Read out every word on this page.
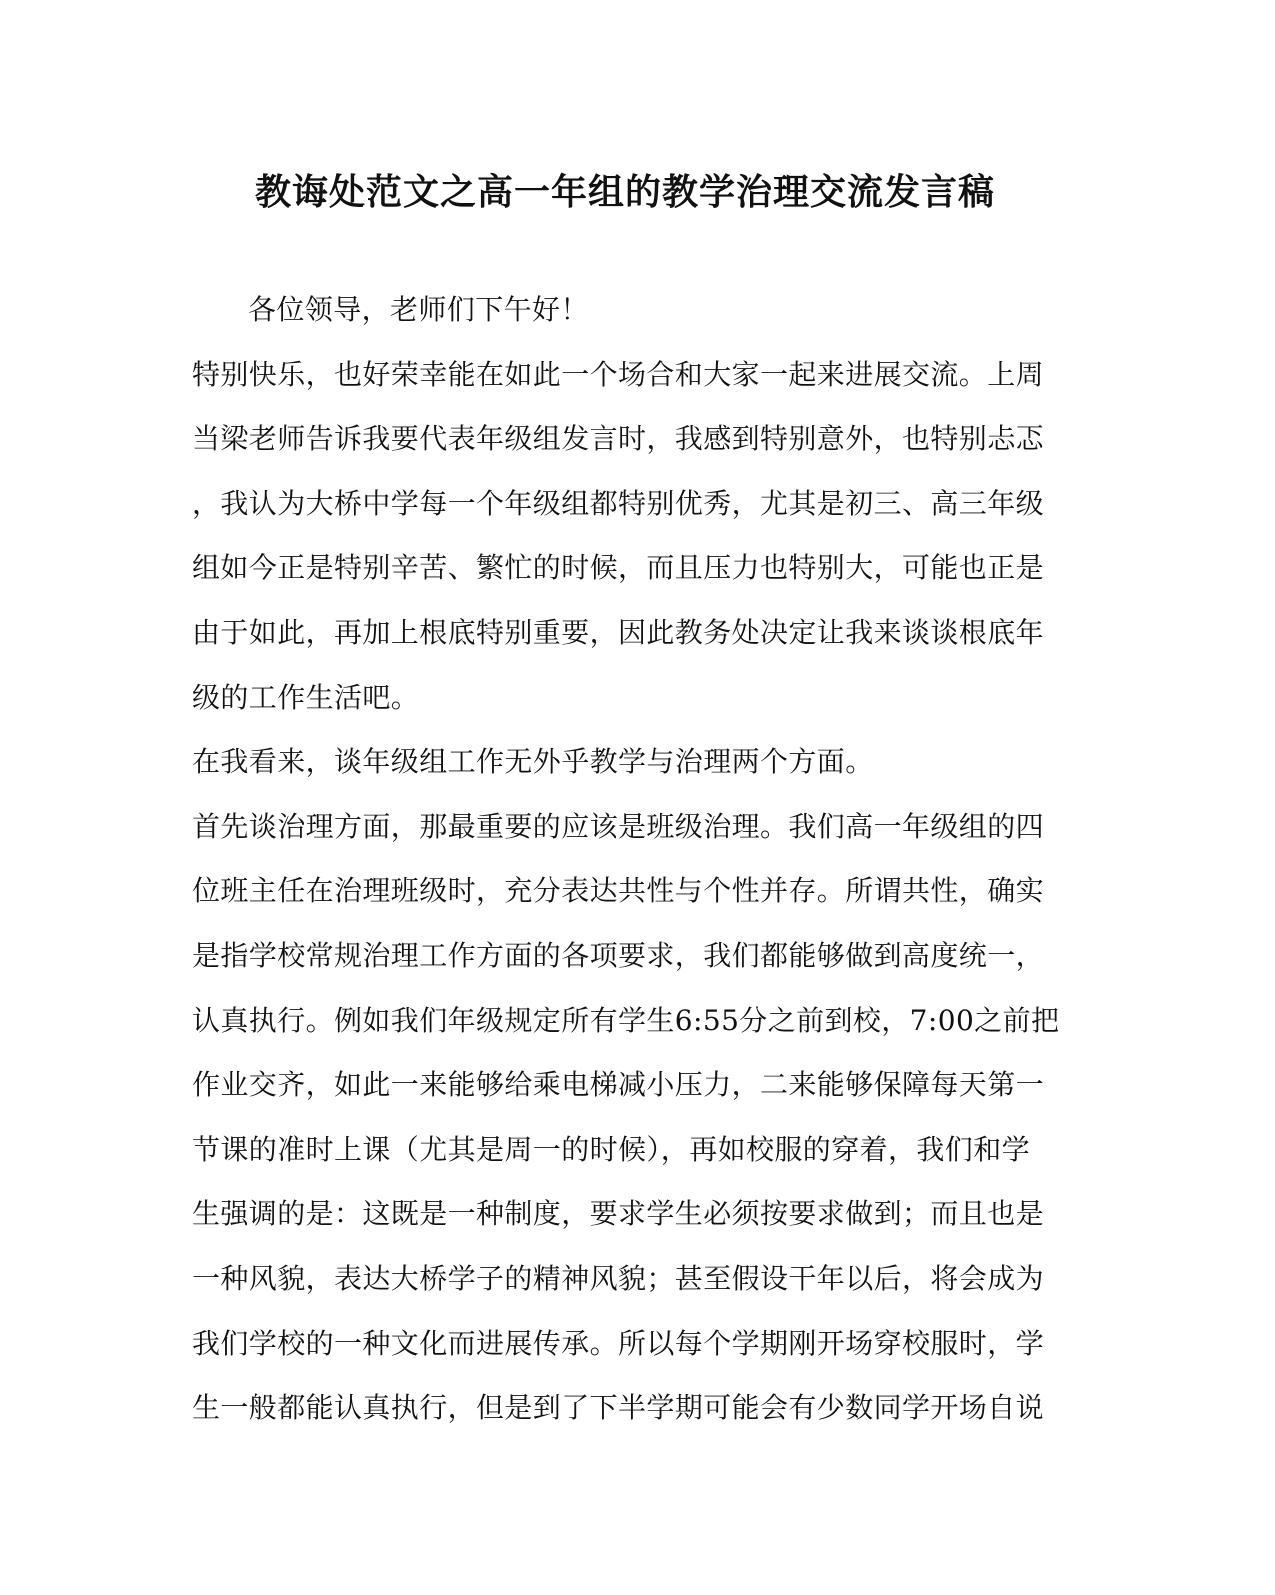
教诲处范文之高一年组的教学治理交流发言稿
各位领导，老师们下午好！
特别快乐，也好荣幸能在如此一个场合和大家一起来进展交流。上周
当梁老师告诉我要代表年级组发言时，我感到特别意外，也特别忐忑
，我认为大桥中学每一个年级组都特别优秀，尤其是初三、高三年级
组如今正是特别辛苦、繁忙的时候，而且压力也特别大，可能也正是
由于如此，再加上根底特别重要，因此教务处决定让我来谈谈根底年
级的工作生活吧。
在我看来，谈年级组工作无外乎教学与治理两个方面。
首先谈治理方面，那最重要的应该是班级治理。我们高一年级组的四
位班主任在治理班级时，充分表达共性与个性并存。所谓共性，确实
是指学校常规治理工作方面的各项要求，我们都能够做到高度统一，
认真执行。例如我们年级规定所有学生6:55分之前到校，7:00之前把
作业交齐，如此一来能够给乘电梯减小压力，二来能够保障每天第一
节课的准时上课（尤其是周一的时候），再如校服的穿着，我们和学
生强调的是：这既是一种制度，要求学生必须按要求做到；而且也是
一种风貌，表达大桥学子的精神风貌；甚至假设干年以后，将会成为
我们学校的一种文化而进展传承。所以每个学期刚开场穿校服时，学
生一般都能认真执行，但是到了下半学期可能会有少数同学开场自说
